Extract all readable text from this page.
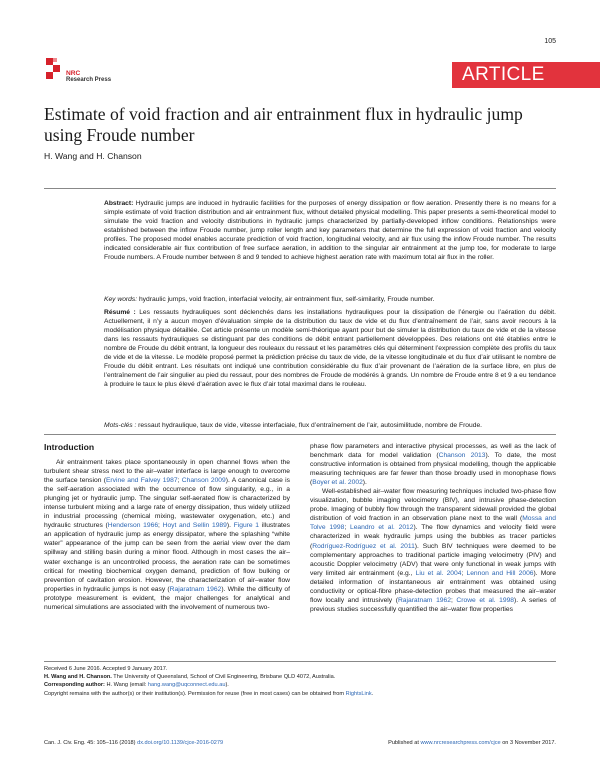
105
NRC
Research Press	ARTICLE
Estimate of void fraction and air entrainment flux in hydraulic jump using Froude number

H. Wang and H. Chanson

Abstract: Hydraulic jumps are induced in hydraulic facilities for the purposes of energy dissipation or flow aeration. Presently there is no means for a simple estimate of void fraction distribution and air entrainment flux, without detailed physical modelling. This paper presents a semi-theoretical model to simulate the void fraction and velocity distributions in hydraulic jumps characterized by partially-developed inflow conditions. Relationships were established between the inflow Froude number, jump roller length and key parameters that determine the full expression of void fraction and velocity profiles. The proposed model enables accurate prediction of void fraction, longitudinal velocity, and air flux using the inflow Froude number. The results indicated considerable air flux contribution of free surface aeration, in addition to the singular air entrainment at the jump toe, for moderate to large Froude numbers. A Froude number between 8 and 9 tended to achieve highest aeration rate with maximum total air flux in the roller.

Key words: hydraulic jumps, void fraction, interfacial velocity, air entrainment flux, self-similarity, Froude number.

Résumé : Les ressauts hydrauliques sont déclenchés dans les installations hydrauliques pour la dissipation de l’énergie ou l’aération du débit. Actuellement, il n’y a aucun moyen d’évaluation simple de la distribution du taux de vide et du flux d’entraînement de l’air, sans avoir recours à la modélisation physique détaillée. Cet article présente un modèle semi-théorique ayant pour but de simuler la distribution du taux de vide et de la vitesse dans les ressauts hydrauliques se distinguant par des conditions de débit entrant partiellement développées. Des relations ont été établies entre le nombre de Froude du débit entrant, la longueur des rouleaux du ressaut et les paramètres clés qui déterminent l’expression complète des profils du taux de vide et de la vitesse. Le modèle proposé permet la prédiction précise du taux de vide, de la vitesse longitudinale et du flux d’air utilisant le nombre de Froude du débit entrant. Les résultats ont indiqué une contribution considérable du flux d’air provenant de l’aération de la surface libre, en plus de l’entraînement de l’air singulier au pied du ressaut, pour des nombres de Froude de modérés à grands. Un nombre de Froude entre 8 et 9 a eu tendance à produire le taux le plus élevé d’aération avec le flux d’air total maximal dans le rouleau.

Mots-clés : ressaut hydraulique, taux de vide, vitesse interfaciale, flux d’entraînement de l’air, autosimilitude, nombre de Froude.

Introduction

Air entrainment takes place spontaneously in open channel flows when the turbulent shear stress next to the air–water interface is large enough to overcome the surface tension (Ervine and Falvey 1987; Chanson 2009). A canonical case is the self-aeration associated with the occurrence of flow singularity, e.g., in a plunging jet or hydraulic jump. The singular self-aerated flow is characterized by intense turbulent mixing and a large rate of energy dissipation, thus widely utilized in industrial processing (chemical mixing, wastewater oxygenation, etc.) and hydraulic structures (Henderson 1966; Hoyt and Sellin 1989). Figure 1 illustrates an application of hydraulic jump as energy dissipator, where the splashing “white water” appearance of the jump can be seen from the aerial view over the dam spillway and stilling basin during a minor flood. Although in most cases the air–water exchange is an uncontrolled process, the aeration rate can be sometimes critical for meeting biochemical oxygen demand, prediction of flow bulking or prevention of cavitation erosion. However, the characterization of air–water flow properties in hydraulic jumps is not easy (Rajaratnam 1962). While the difficulty of prototype measurement is evident, the major challenges for analytical and numerical simulations are associated with the involvement of numerous two-

phase flow parameters and interactive physical processes, as well as the lack of benchmark data for model validation (Chanson 2013). To date, the most constructive information is obtained from physical modelling, though the applicable measuring techniques are far fewer than those broadly used in monophase flows (Boyer et al. 2002).

Well-established air–water flow measuring techniques included two-phase flow visualization, bubble imaging velocimetry (BIV), and intrusive phase-detection probe. Imaging of bubbly flow through the transparent sidewall provided the global distribution of void fraction in an observation plane next to the wall (Mossa and Tolve 1998; Leandro et al. 2012). The flow dynamics and velocity field were characterized in weak hydraulic jumps using the bubbles as tracer particles (Rodríguez-Rodríguez et al. 2011). Such BIV techniques were deemed to be complementary approaches to traditional particle imaging velocimetry (PIV) and acoustic Doppler velocimetry (ADV) that were only functional in weak jumps with very limited air entrainment (e.g., Liu et al. 2004; Lennon and Hill 2006). More detailed information of instantaneous air entrainment was obtained using conductivity or optical-fibre phase-detection probes that measured the air–water flow locally and intrusively (Rajaratnam 1962; Crowe et al. 1998). A series of previous studies successfully quantified the air–water flow properties

Received 6 June 2016. Accepted 9 January 2017.

H. Wang and H. Chanson. The University of Queensland, School of Civil Engineering, Brisbane QLD 4072, Australia.

Corresponding author: H. Wang (email: hang.wang@uqconnect.edu.au).

Copyright remains with the author(s) or their institution(s). Permission for reuse (free in most cases) can be obtained from RightsLink.

Can. J. Civ. Eng. 45: 105–116 (2018) dx.doi.org/10.1139/cjce-2016-0279	Published at www.nrcresearchpress.com/cjce on 3 November 2017.
